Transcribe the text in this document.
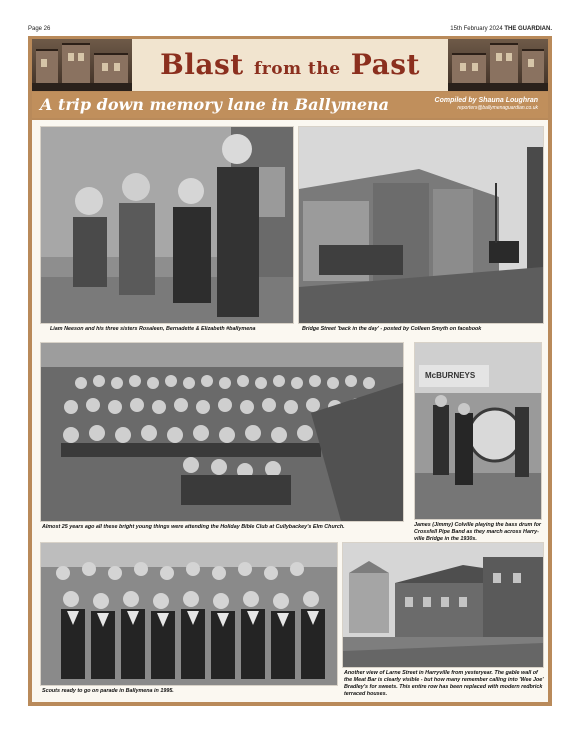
Page 26	15th February 2024 THE GUARDIAN.
Blast from the Past
A trip down memory lane in Ballymena	Compiled by Shauna Loughran
reporters@ballymenaguardian.co.uk
Liam Neeson and his three sisters Rosaleen, Bernadette & Elizabeth #ballymena	Bridge Street 'back in the day' - posted by Colleen Smyth on facebook
Almost 25 years ago all these bright young things were attending the Holiday Bible Club at Cullybackey's Elm Church.
McBURNEYS
James (Jimmy) Colville playing the bass drum for Crossfell Pipe Band as they march across Harry-ville Bridge in the 1930s.
Scouts ready to go on parade in Ballymena in 1995.
Another view of Larne Street in Harryville from yesteryear. The gable wall of the Meat Bar is clearly visible - but how many remember calling into 'Wee Joe' Bradley's for sweets. This entire row has been replaced with modern redbrick terraced houses.
